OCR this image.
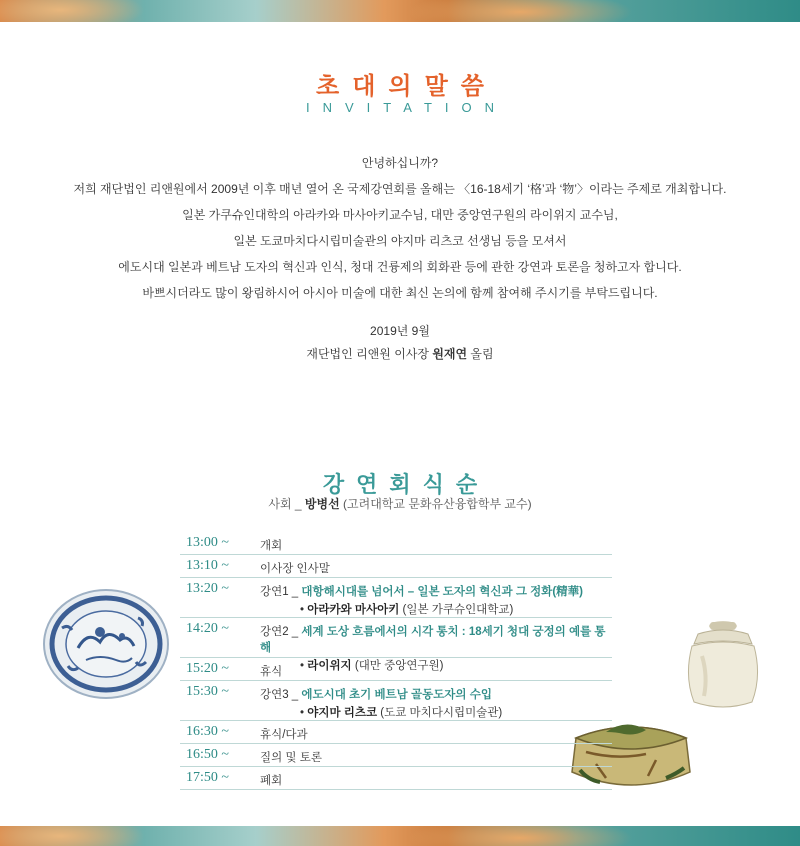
초대의말씀
INVITATION
안녕하십니까?
저희 재단법인 리앤원에서 2009년 이후 매년 열어 온 국제강연회를 올해는 〈16-18세기 ‘格’과 ‘物’〉이라는 주제로 개최합니다.
일본 가쿠슈인대학의 아라카와 마사아키교수님, 대만 중앙연구원의 라이위지 교수님,
일본 도쿄마치다시립미술관의 야지마 리츠코 선생님 등을 모셔서
에도시대 일본과 베트남 도자의 혁신과 인식, 청대 건륭제의 회화관 등에 관한 강연과 토론을 청하고자 합니다.
바쁘시더라도 많이 왕림하시어 아시아 미술에 대한 최신 논의에 함께 참여해 주시기를 부탁드립니다.
2019년 9월
재단법인 리앤원 이사장 원재연 올림
강연회식순
사회 _ 방병선 (고려대학교 문화유산융합학부 교수)
13:00 ~	개회
13:10 ~	이사장 인사말
13:20 ~	강연1 _ 대항해시대를 넘어서 – 일본 도자의 혁신과 그 정화(精華)
• 아라카와 마사아키 (일본 가쿠슈인대학교)
14:20 ~	강연2 _ 세계 도상 흐름에서의 시각 통치 : 18세기 청대 궁정의 예를 통해
• 라이위지 (대만 중앙연구원)
15:20 ~	휴식
15:30 ~	강연3 _ 에도시대 초기 베트남 골동도자의 수입
• 야지마 리츠코 (도쿄 마치다시립미술관)
16:30 ~	휴식/다과
16:50 ~	질의 및 토론
17:50 ~	폐회
